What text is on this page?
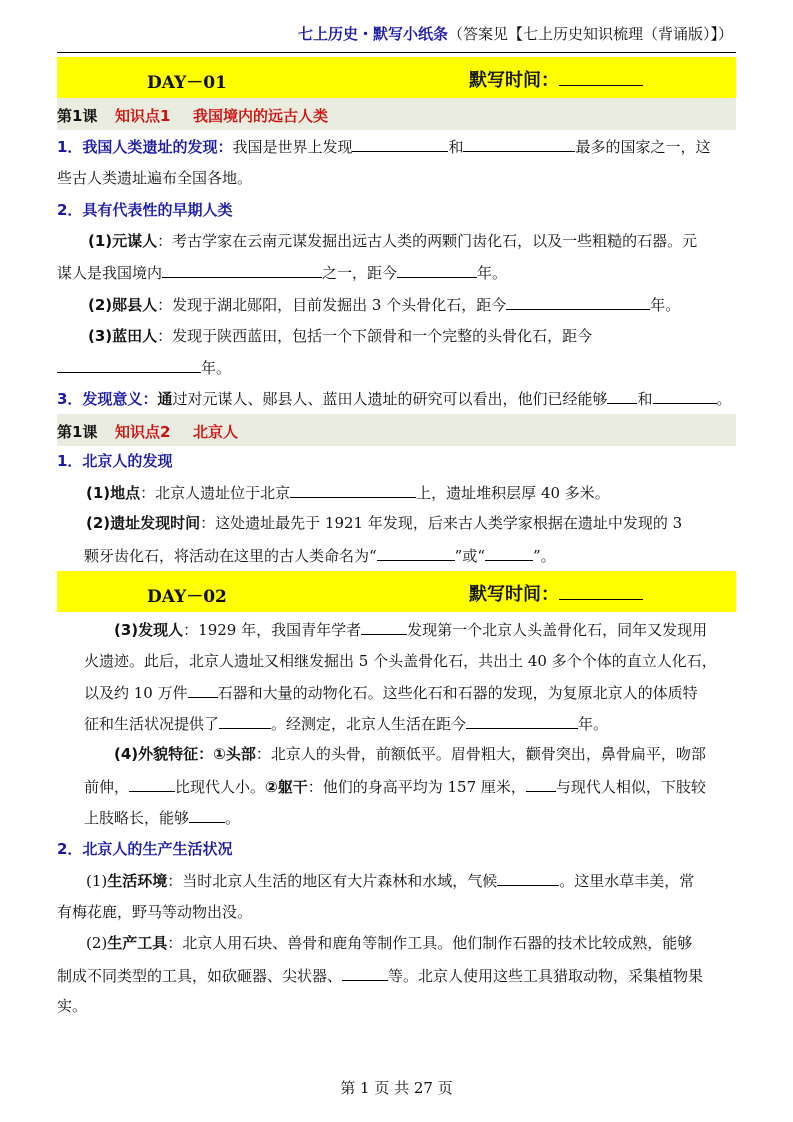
七上历史・默写小纸条（答案见【七上历史知识梳理（背诵版）】）
DAY－01	默写时间：
第1课 知识点1 我国境内的远古人类
1．我国人类遗址的发现：我国是世界上发现	和	最多的国家之一，这
些古人类遗址遍布全国各地。
2．具有代表性的早期人类
(1)元谋人：考古学家在云南元谋发掘出远古人类的两颗门齿化石，以及一些粗糙的石器。元
谋人是我国境内	之一，距今	年。
(2)郧县人：发现于湖北郧阳，目前发掘出 3 个头骨化石，距今	年。
(3)蓝田人：发现于陕西蓝田，包括一个下颌骨和一个完整的头骨化石，距今
年。
3．发现意义：通过对元谋人、郧县人、蓝田人遗址的研究可以看出，他们已经能够 和	。
第1课 知识点2 北京人
1．北京人的发现
(1)地点：北京人遗址位于北京	上，遗址堆积层厚 40 多米。
(2)遗址发现时间：这处遗址最先于 1921 年发现，后来古人类学家根据在遗址中发现的 3
颗牙齿化石，将活动在这里的古人类命名为“	”或“	”。
DAY－02	默写时间：
(3)发现人：1929 年，我国青年学者	发现第一个北京人头盖骨化石，同年又发现用
火遗迹。此后，北京人遗址又相继发掘出 5 个头盖骨化石，共出土 40 多个个体的直立人化石，
以及约 10 万件 石器和大量的动物化石。这些化石和石器的发现，为复原北京人的体质特
征和生活状况提供了	。经测定，北京人生活在距今	年。
(4)外貌特征：①头部：北京人的头骨，前额低平。眉骨粗大，颧骨突出，鼻骨扁平，吻部
前伸，	比现代人小。②躯干：他们的身高平均为 157 厘米， 与现代人相似，下肢较
上肢略长，能够 。
2．北京人的生产生活状况
(1)生活环境：当时北京人生活的地区有大片森林和水域，气候	。这里水草丰美，常
有梅花鹿，野马等动物出没。
(2)生产工具：北京人用石块、兽骨和鹿角等制作工具。他们制作石器的技术比较成熟，能够
制成不同类型的工具，如砍砸器、尖状器、	等。北京人使用这些工具猎取动物，采集植物果
实。
第 1 页 共 27 页
